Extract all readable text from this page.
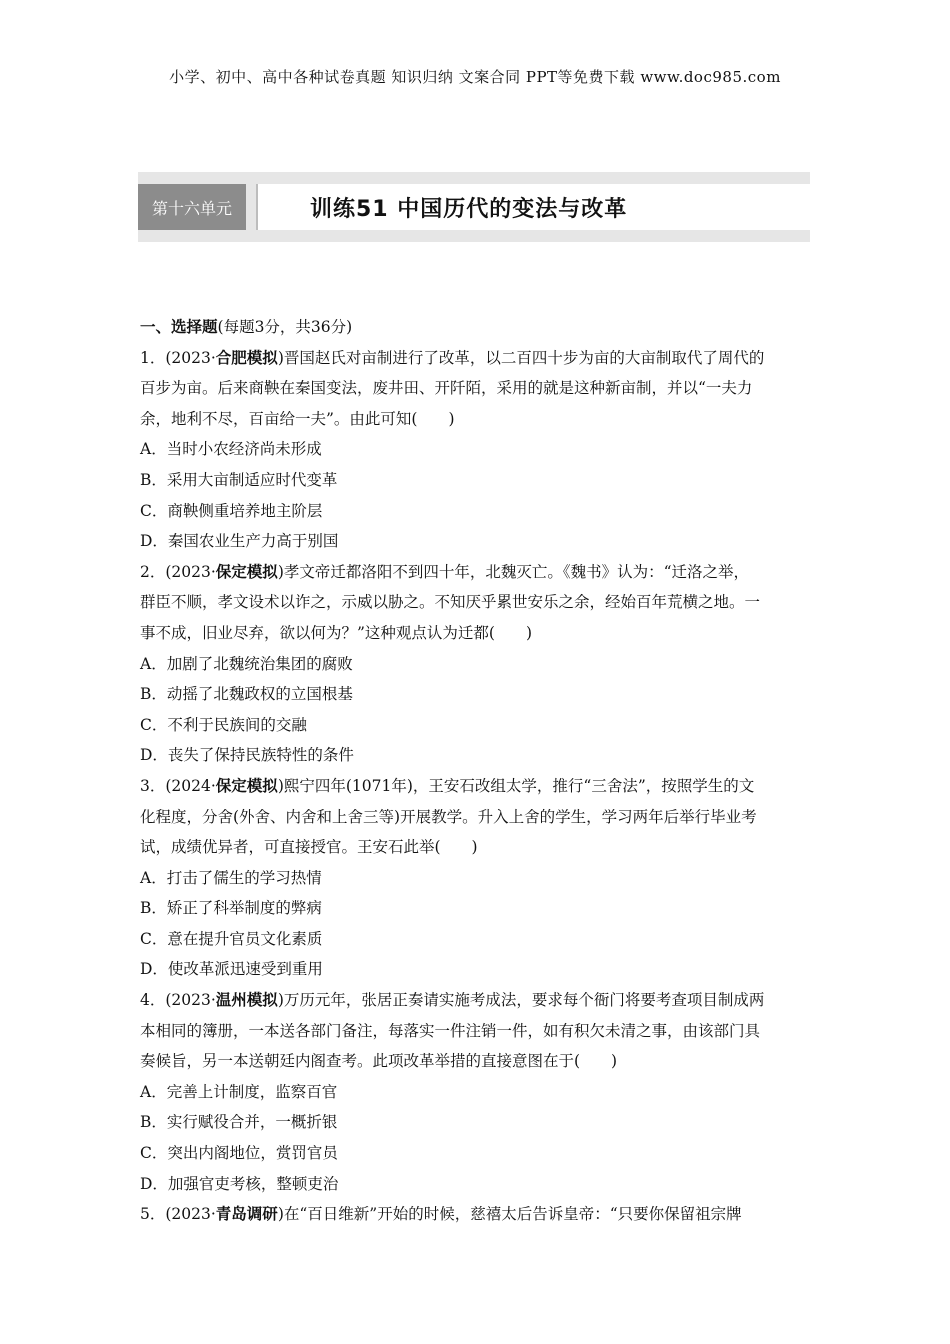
小学、初中、高中各种试卷真题 知识归纳 文案合同 PPT等免费下载 www.doc985.com
第十六单元	训练51 中国历代的变法与改革
一、选择题(每题3分，共36分)
1．(2023·合肥模拟)晋国赵氏对亩制进行了改革，以二百四十步为亩的大亩制取代了周代的
百步为亩。后来商鞅在秦国变法，废井田、开阡陌，采用的就是这种新亩制，并以“一夫力
余，地利不尽，百亩给一夫”。由此可知(　　)
A．当时小农经济尚未形成
B．采用大亩制适应时代变革
C．商鞅侧重培养地主阶层
D．秦国农业生产力高于别国
2．(2023·保定模拟)孝文帝迁都洛阳不到四十年，北魏灭亡。《魏书》认为：“迁洛之举，
群臣不顺，孝文设术以诈之，示威以胁之。不知厌乎累世安乐之余，经始百年荒横之地。一
事不成，旧业尽弃，欲以何为？”这种观点认为迁都(　　)
A．加剧了北魏统治集团的腐败
B．动摇了北魏政权的立国根基
C．不利于民族间的交融
D．丧失了保持民族特性的条件
3．(2024·保定模拟)熙宁四年(1071年)，王安石改组太学，推行“三舍法”，按照学生的文
化程度，分舍(外舍、内舍和上舍三等)开展教学。升入上舍的学生，学习两年后举行毕业考
试，成绩优异者，可直接授官。王安石此举(　　)
A．打击了儒生的学习热情
B．矫正了科举制度的弊病
C．意在提升官员文化素质
D．使改革派迅速受到重用
4．(2023·温州模拟)万历元年，张居正奏请实施考成法，要求每个衙门将要考查项目制成两
本相同的簿册，一本送各部门备注，每落实一件注销一件，如有积欠未清之事，由该部门具
奏候旨，另一本送朝廷内阁查考。此项改革举措的直接意图在于(　　)
A．完善上计制度，监察百官
B．实行赋役合并，一概折银
C．突出内阁地位，赏罚官员
D．加强官吏考核，整顿吏治
5．(2023·青岛调研)在“百日维新”开始的时候，慈禧太后告诉皇帝：“只要你保留祖宗牌
